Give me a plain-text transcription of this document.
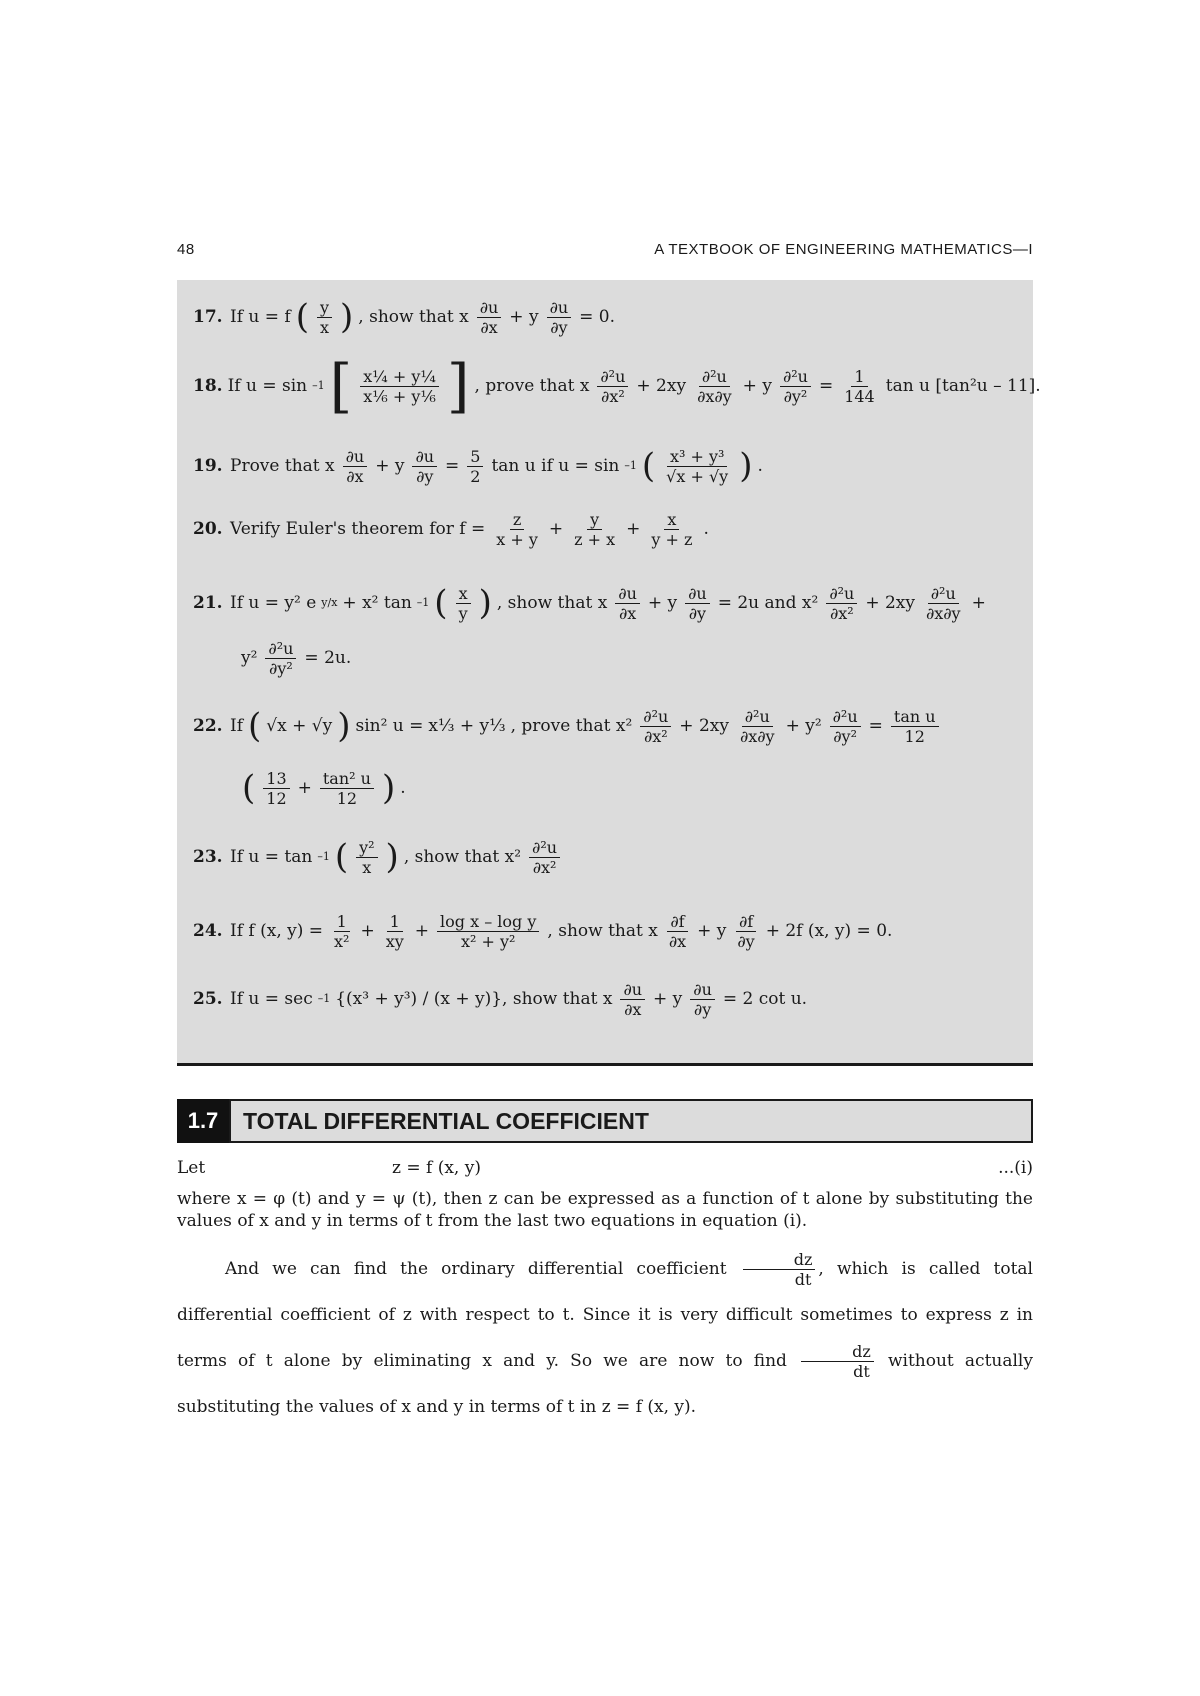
48	A TEXTBOOK OF ENGINEERING MATHEMATICS—I
17. If u = f ( $\frac{y}{x}$ ) , show that x $\frac{\partial u}{\partial x} + y \frac{\partial u}{\partial y} = 0$.
18. If u = sin –1 [ $\frac{\text{x¼ + y¼}}{\text{x⅙ + y⅙}}$ ] , prove that x $\frac{\text{∂²u}}{\text{∂x²}} + 2xy \frac{\text{∂²u}}{\partial x\partial y} + y \frac{\text{∂²u}}{\text{∂y²}} = \frac{1}{144}$ tan u [tan²u – 11].
19. Prove that x $\frac{\partial u}{\partial x} + y \frac{\partial u}{\partial y} = \frac{5}{2}$ tan u if u = sin –1 ( $\frac{\text{x³ + y³}}{√x + √y}$ ) .
20. Verify Euler's theorem for $f = \frac{z}{x + y} + \frac{y}{z + x} + \frac{x}{y + z}$ .
21. If u = y² e y/x + x² tan –1 ( $\frac{x}{y}$ ) , show that x $\frac{\partial u}{\partial x} + y \frac{\partial u}{\partial y} = 2u$ and $x^2 \frac{\text{∂²u}}{\text{∂x²}} + 2xy \frac{\text{∂²u}}{\partial x\partial y}$ +
$y^2 \frac{\text{∂²u}}{\text{∂y²}} = 2u$.
22. If ( √x + √y ) sin² u = x⅓ + y⅓ , prove that $x^2 \frac{\text{∂²u}}{\text{∂x²}} + 2xy \frac{\text{∂²u}}{\partial x\partial y} + y^2 \frac{\text{∂²u}}{\text{∂y²}} = \frac{\text{tan u}}{12}$
( $\frac{13}{12} + \frac{\text{tan² u}}{12}$ ) .
23. If u = tan –1 ( $\frac{\text{y²}}{x}$ ) , show that $x^2 \frac{\text{∂²u}}{\text{∂x²}}$
24. If f (x, $y) = \frac{1}{\text{x²}} + \frac{1}{xy} + \frac{\text{log x – log y}}{\text{x² + y²}}$ , show that x $\frac{\partial f}{\partial x} + y \frac{\partial f}{\partial y} + 2f$ (x, y) = 0.
25. If u = sec –1 {(x³ + y³) / (x + y)}, show that x $\frac{\partial u}{\partial x} + y \frac{\partial u}{\partial y} = 2$ cot u.
1.7	TOTAL DIFFERENTIAL COEFFICIENT
Let	z = f (x, y)	...(i)
where x = φ (t) and y = ψ (t), then z can be expressed as a function of t alone by substituting the values of x and y in terms of t from the last two equations in equation (i).
And we can find the ordinary differential coefficient $\frac{dz}{dt}$ , which is called total differential coefficient of z with respect to t. Since it is very difficult sometimes to express z in terms of t alone by eliminating x and y. So we are now to find $\frac{dz}{dt}$ without actually substituting the values of x and y in terms of t in z = f (x, y).
